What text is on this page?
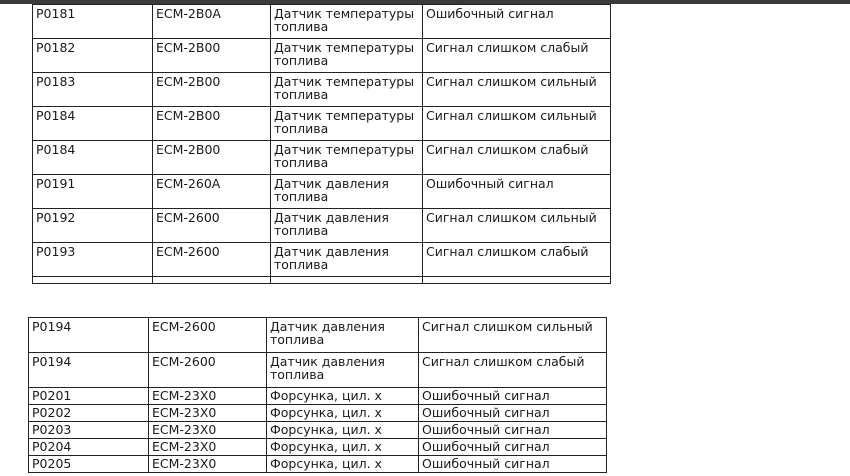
P0181	ECM-2B0A	Датчик температуры топлива	Ошибочный сигнал
P0182	ECM-2B00	Датчик температуры топлива	Сигнал слишком слабый
P0183	ECM-2B00	Датчик температуры топлива	Сигнал слишком сильный
P0184	ECM-2B00	Датчик температуры топлива	Сигнал слишком сильный
P0184	ECM-2B00	Датчик температуры топлива	Сигнал слишком слабый
P0191	ECM-260A	Датчик давления топлива	Ошибочный сигнал
P0192	ECM-2600	Датчик давления топлива	Сигнал слишком сильный
P0193	ECM-2600	Датчик давления топлива	Сигнал слишком слабый

P0194	ECM-2600	Датчик давления топлива	Сигнал слишком сильный
P0194	ECM-2600	Датчик давления топлива	Сигнал слишком слабый
P0201	ECM-23X0	Форсунка, цил. x	Ошибочный сигнал
P0202	ECM-23X0	Форсунка, цил. x	Ошибочный сигнал
P0203	ECM-23X0	Форсунка, цил. x	Ошибочный сигнал
P0204	ECM-23X0	Форсунка, цил. x	Ошибочный сигнал
P0205	ECM-23X0	Форсунка, цил. x	Ошибочный сигнал
